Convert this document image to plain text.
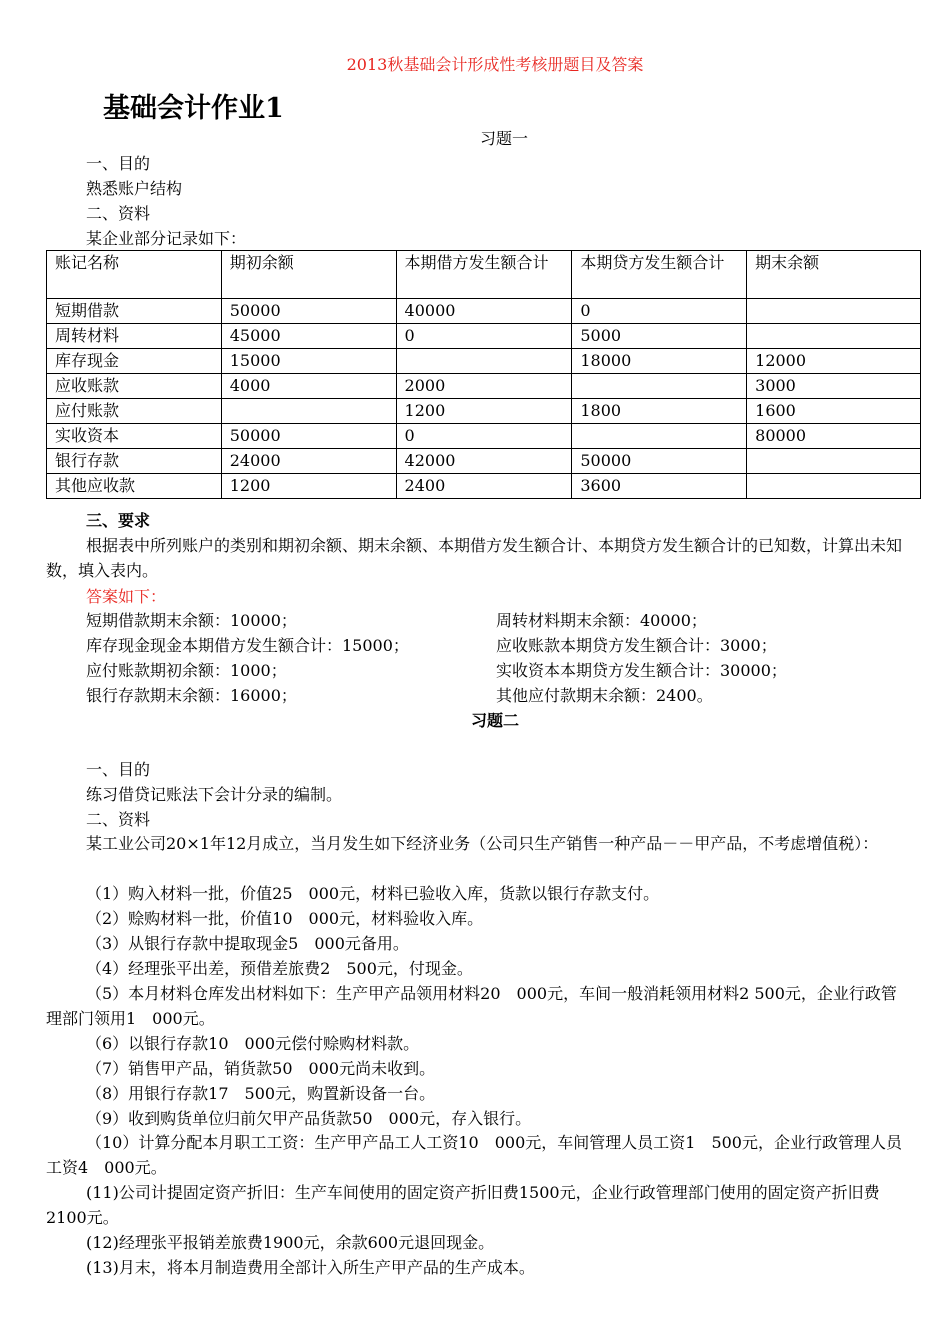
2013秋基础会计形成性考核册题目及答案
基础会计作业1
习题一
一、目的
熟悉账户结构
二、资料
某企业部分记录如下：
账记名称	期初余额	本期借方发生额合计	本期贷方发生额合计	期末余额
短期借款	50000	40000	0	
周转材料	45000	0	5000	
库存现金	15000		18000	12000
应收账款	4000	2000		3000
应付账款		1200	1800	1600
实收资本	50000	0		80000
银行存款	24000	42000	50000	
其他应收款	1200	2400	3600	
三、要求
根据表中所列账户的类别和期初余额、期末余额、本期借方发生额合计、本期贷方发生额合计的已知数，计算出未知数，填入表内。
答案如下：
短期借款期末余额：10000；	周转材料期末余额：40000；
库存现金现金本期借方发生额合计：15000；	应收账款本期贷方发生额合计：3000；
应付账款期初余额：1000；	实收资本本期贷方发生额合计：30000；
银行存款期末余额：16000；	其他应付款期末余额：2400。
习题二
一、目的
练习借贷记账法下会计分录的编制。
二、资料
某工业公司20×1年12月成立，当月发生如下经济业务（公司只生产销售一种产品－－甲产品，不考虑增值税）：
（1）购入材料一批，价值25　000元，材料已验收入库，货款以银行存款支付。
（2）赊购材料一批，价值10　000元，材料验收入库。
（3）从银行存款中提取现金5　000元备用。
（4）经理张平出差，预借差旅费2　500元，付现金。
（5）本月材料仓库发出材料如下：生产甲产品领用材料20　000元，车间一般消耗领用材料2 500元，企业行政管理部门领用1　000元。
（6）以银行存款10　000元偿付赊购材料款。
（7）销售甲产品，销货款50　000元尚未收到。
（8）用银行存款17　500元，购置新设备一台。
（9）收到购货单位归前欠甲产品货款50　000元，存入银行。
（10）计算分配本月职工工资：生产甲产品工人工资10　000元，车间管理人员工资1　500元，企业行政管理人员工资4　000元。
(11)公司计提固定资产折旧：生产车间使用的固定资产折旧费1500元，企业行政管理部门使用的固定资产折旧费2100元。
(12)经理张平报销差旅费1900元，余款600元退回现金。
(13)月末，将本月制造费用全部计入所生产甲产品的生产成本。
